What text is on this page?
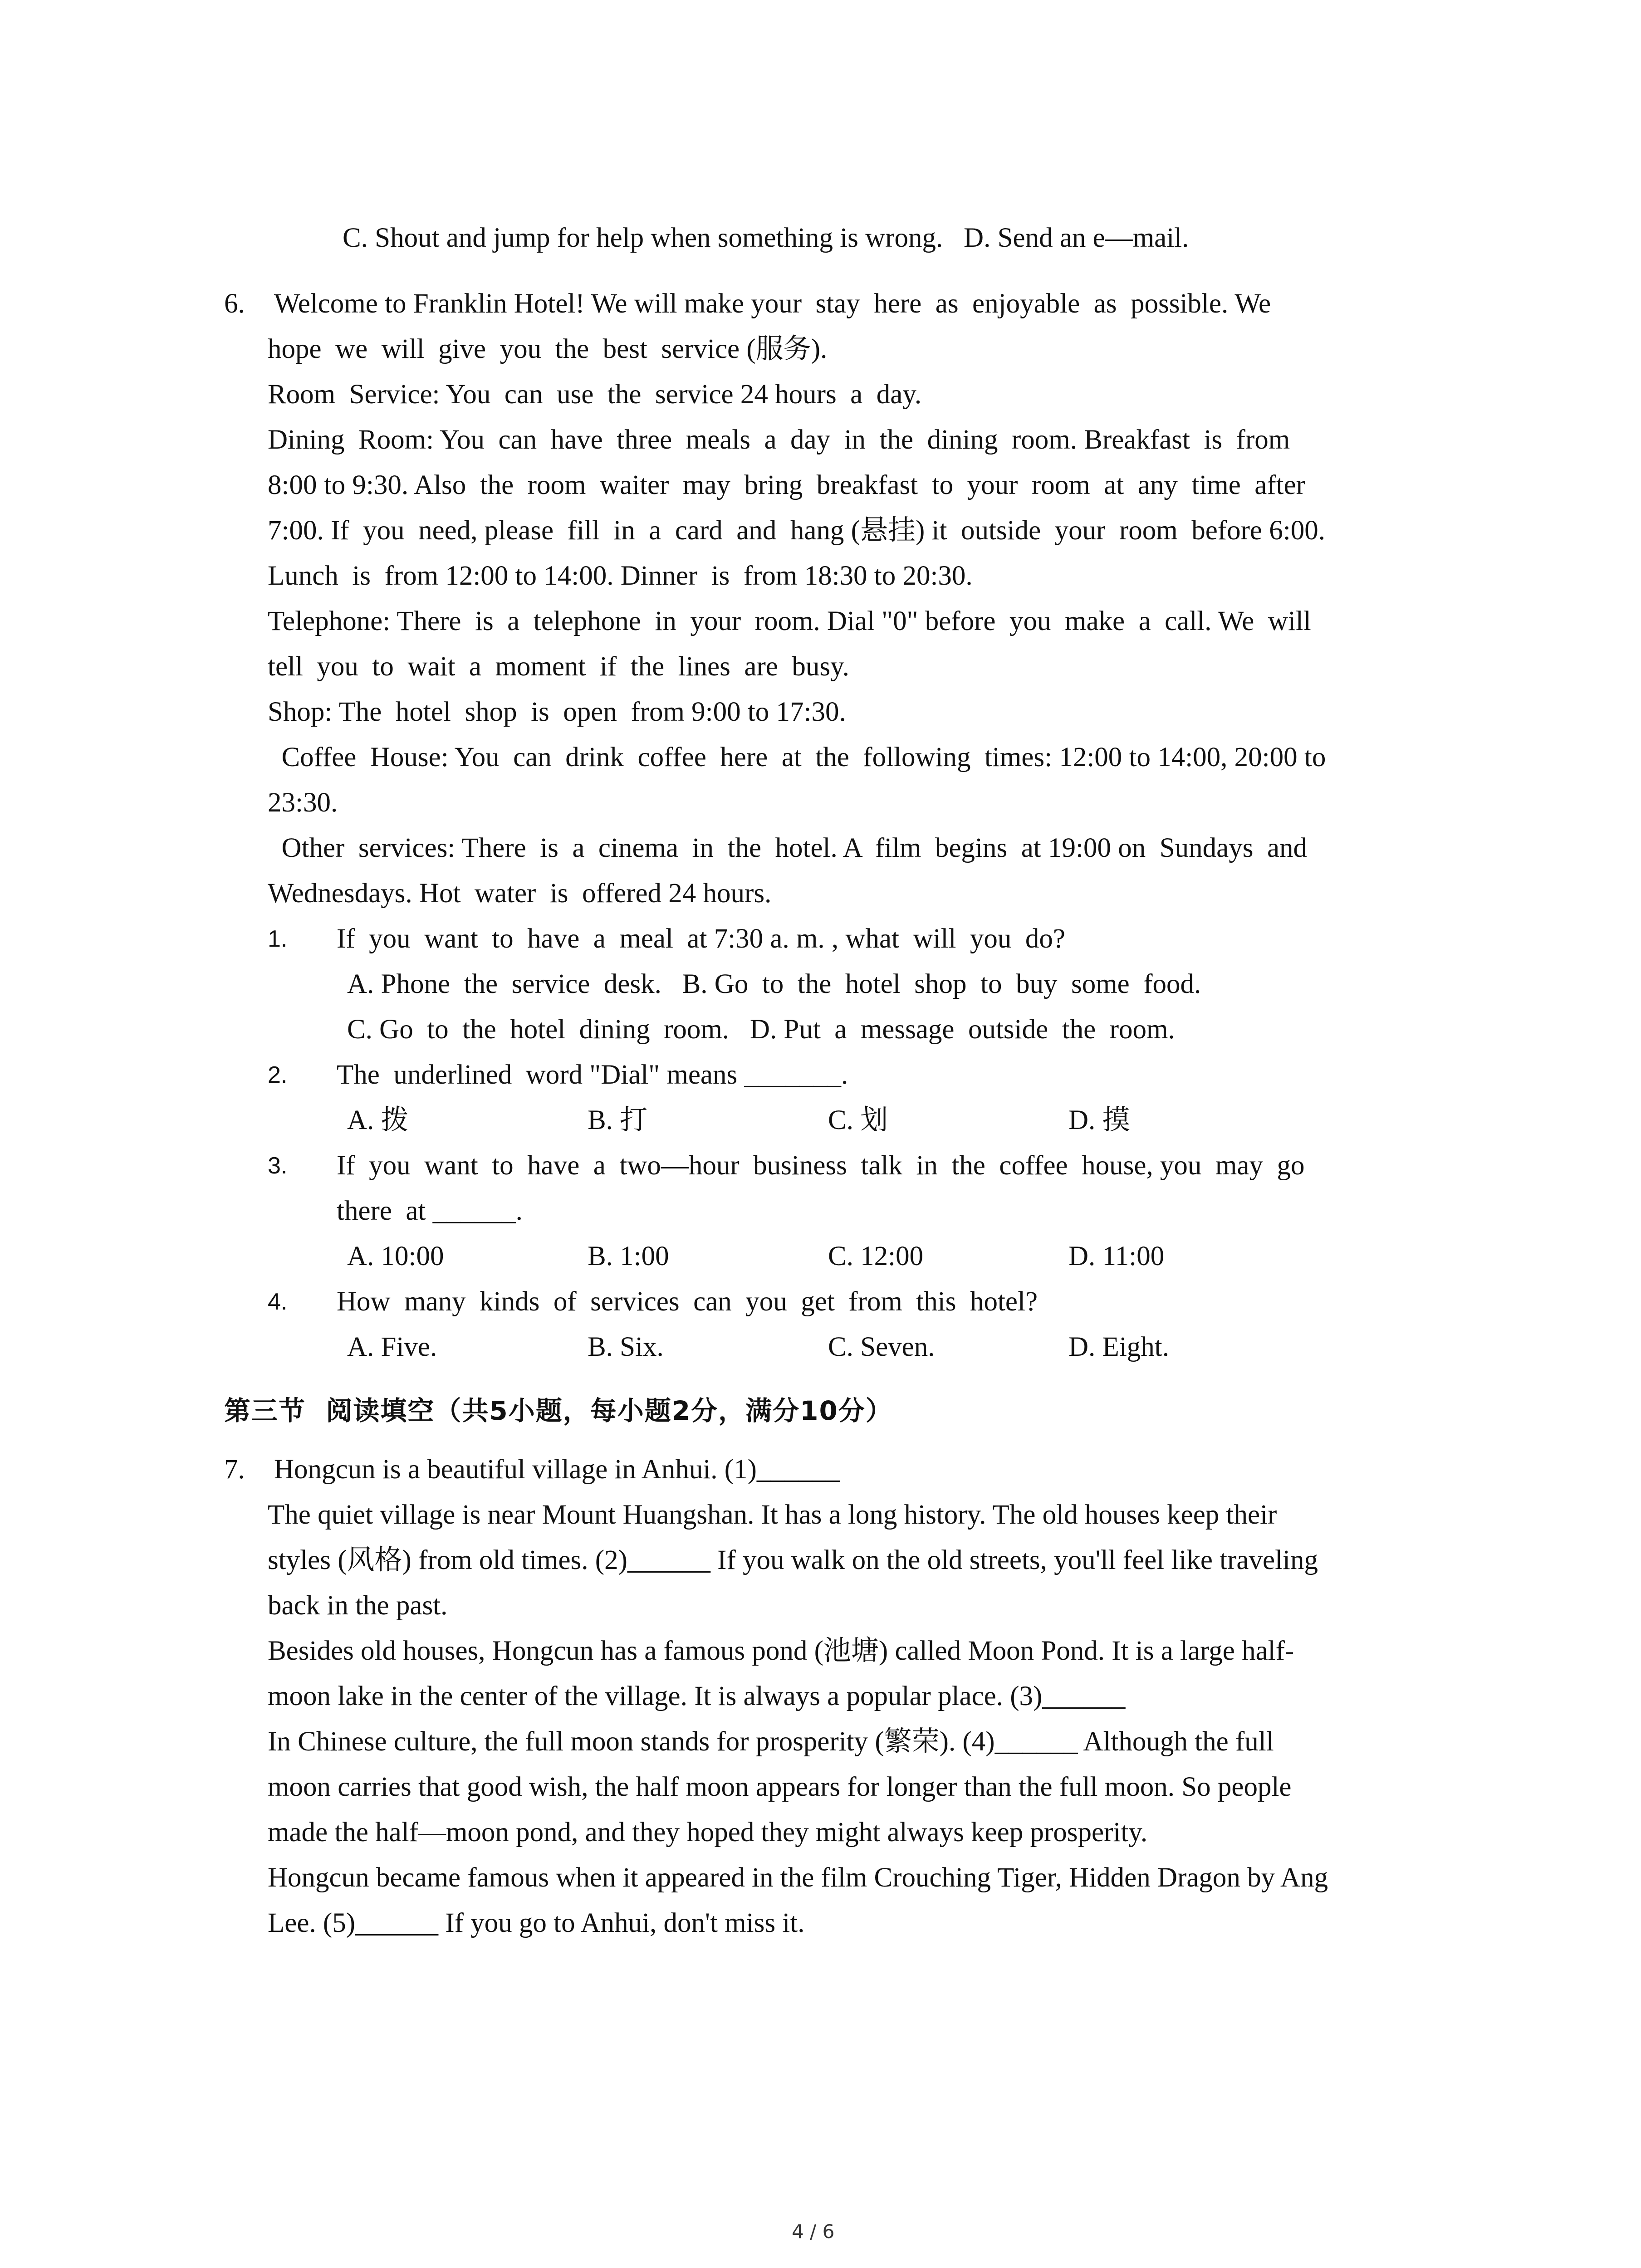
C. Shout and jump for help when something is wrong.   D. Send an e—mail.
6. Welcome to Franklin Hotel! We will make your  stay  here  as  enjoyable  as  possible. We
hope  we  will  give  you  the  best  service (服务).
Room  Service: You  can  use  the  service 24 hours  a  day.
Dining  Room: You  can  have  three  meals  a  day  in  the  dining  room. Breakfast  is  from
8:00 to 9:30. Also  the  room  waiter  may  bring  breakfast  to  your  room  at  any  time  after
7:00. If  you  need, please  fill  in  a  card  and  hang (悬挂) it  outside  your  room  before 6:00.
Lunch  is  from 12:00 to 14:00. Dinner  is  from 18:30 to 20:30.
Telephone: There  is  a  telephone  in  your  room. Dial "0" before  you  make  a  call. We  will
tell  you  to  wait  a  moment  if  the  lines  are  busy.
Shop: The  hotel  shop  is  open  from 9:00 to 17:30.
Coffee  House: You  can  drink  coffee  here  at  the  following  times: 12:00 to 14:00, 20:00 to
23:30.
Other  services: There  is  a  cinema  in  the  hotel. A  film  begins  at 19:00 on  Sundays  and
Wednesdays. Hot  water  is  offered 24 hours.
1. If  you  want  to  have  a  meal  at 7:30 a. m. , what  will  you  do?
A. Phone  the  service  desk.   B. Go  to  the  hotel  shop  to  buy  some  food.
C. Go  to  the  hotel  dining  room.   D. Put  a  message  outside  the  room.
2. The  underlined  word "Dial" means _______.

A. 拨

	B. 打

	C. 划

	D. 摸

3. If  you  want  to  have  a  two—hour  business  talk  in  the  coffee  house, you  may  go
there  at ______.

A. 10:00

	B. 1:00

	C. 12:00

	D. 11:00

4. How  many  kinds  of  services  can  you  get  from  this  hotel?

A. Five.

	B. Six.

	C. Seven.

	D. Eight.

第三节  阅读填空（共5小题，每小题2分，满分10分）
7. Hongcun is a beautiful village in Anhui. (1)______
The quiet village is near Mount Huangshan. It has a long history. The old houses keep their
styles (风格) from old times. (2)______ If you walk on the old streets, you'll feel like traveling
back in the past.
Besides old houses, Hongcun has a famous pond (池塘) called Moon Pond. It is a large half-
moon lake in the center of the village. It is always a popular place. (3)______
In Chinese culture, the full moon stands for prosperity (繁荣). (4)______ Although the full
moon carries that good wish, the half moon appears for longer than the full moon. So people
made the half—moon pond, and they hoped they might always keep prosperity.
Hongcun became famous when it appeared in the film Crouching Tiger, Hidden Dragon by Ang
Lee. (5)______ If you go to Anhui, don't miss it.
4 / 6
